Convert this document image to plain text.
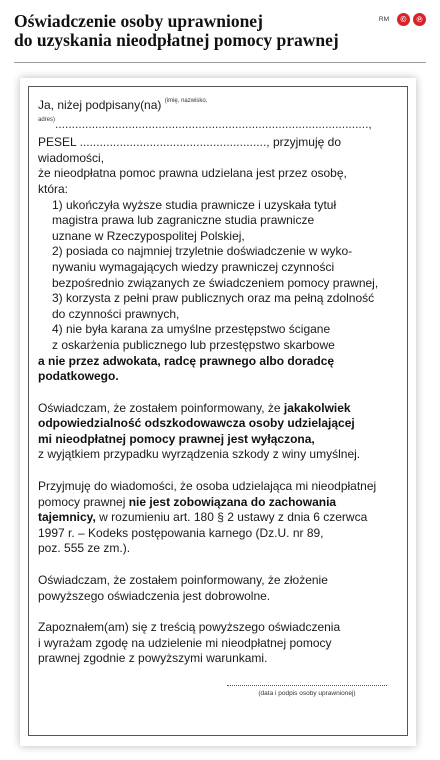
Oświadczenie osoby uprawnionej
do uzyskania nieodpłatnej pomocy prawnej
RM	©	℗

Ja, niżej podpisany(na) $^{(imię, nazwisko, adres)}$..............................................................................................,

PESEL ........................................................, przyjmuję do wiadomości,

że nieodpłatna pomoc prawna udzielana jest przez osobę,

która:

1) ukończyła wyższe studia prawnicze i uzyskała tytuł

magistra prawa lub zagraniczne studia prawnicze

uznane w Rzeczypospolitej Polskiej,

2) posiada co najmniej trzyletnie doświadczenie w wyko-

nywaniu wymagających wiedzy prawniczej czynności

bezpośrednio związanych ze świadczeniem pomocy prawnej,

3) korzysta z pełni praw publicznych oraz ma pełną zdolność

do czynności prawnych,

4) nie była karana za umyślne przestępstwo ścigane

z oskarżenia publicznego lub przestępstwo skarbowe

a nie przez adwokata, radcę prawnego albo doradcę

podatkowego.

Oświadczam, że zostałem poinformowany, że jakakolwiek

odpowiedzialność odszkodowawcza osoby udzielającej

mi nieodpłatnej pomocy prawnej jest wyłączona,

z wyjątkiem przypadku wyrządzenia szkody z winy umyślnej.

Przyjmuję do wiadomości, że osoba udzielająca mi nieodpłatnej

pomocy prawnej nie jest zobowiązana do zachowania

tajemnicy, w rozumieniu art. 180 § 2 ustawy z dnia 6 czerwca

1997 r. – Kodeks postępowania karnego (Dz.U. nr 89,

poz. 555 ze zm.).

Oświadczam, że zostałem poinformowany, że złożenie

powyższego oświadczenia jest dobrowolne.

Zapoznałem(am) się z treścią powyższego oświadczenia

i wyrażam zgodę na udzielenie mi nieodpłatnej pomocy

prawnej zgodnie z powyższymi warunkami.

(data i podpis osoby uprawnionej)
